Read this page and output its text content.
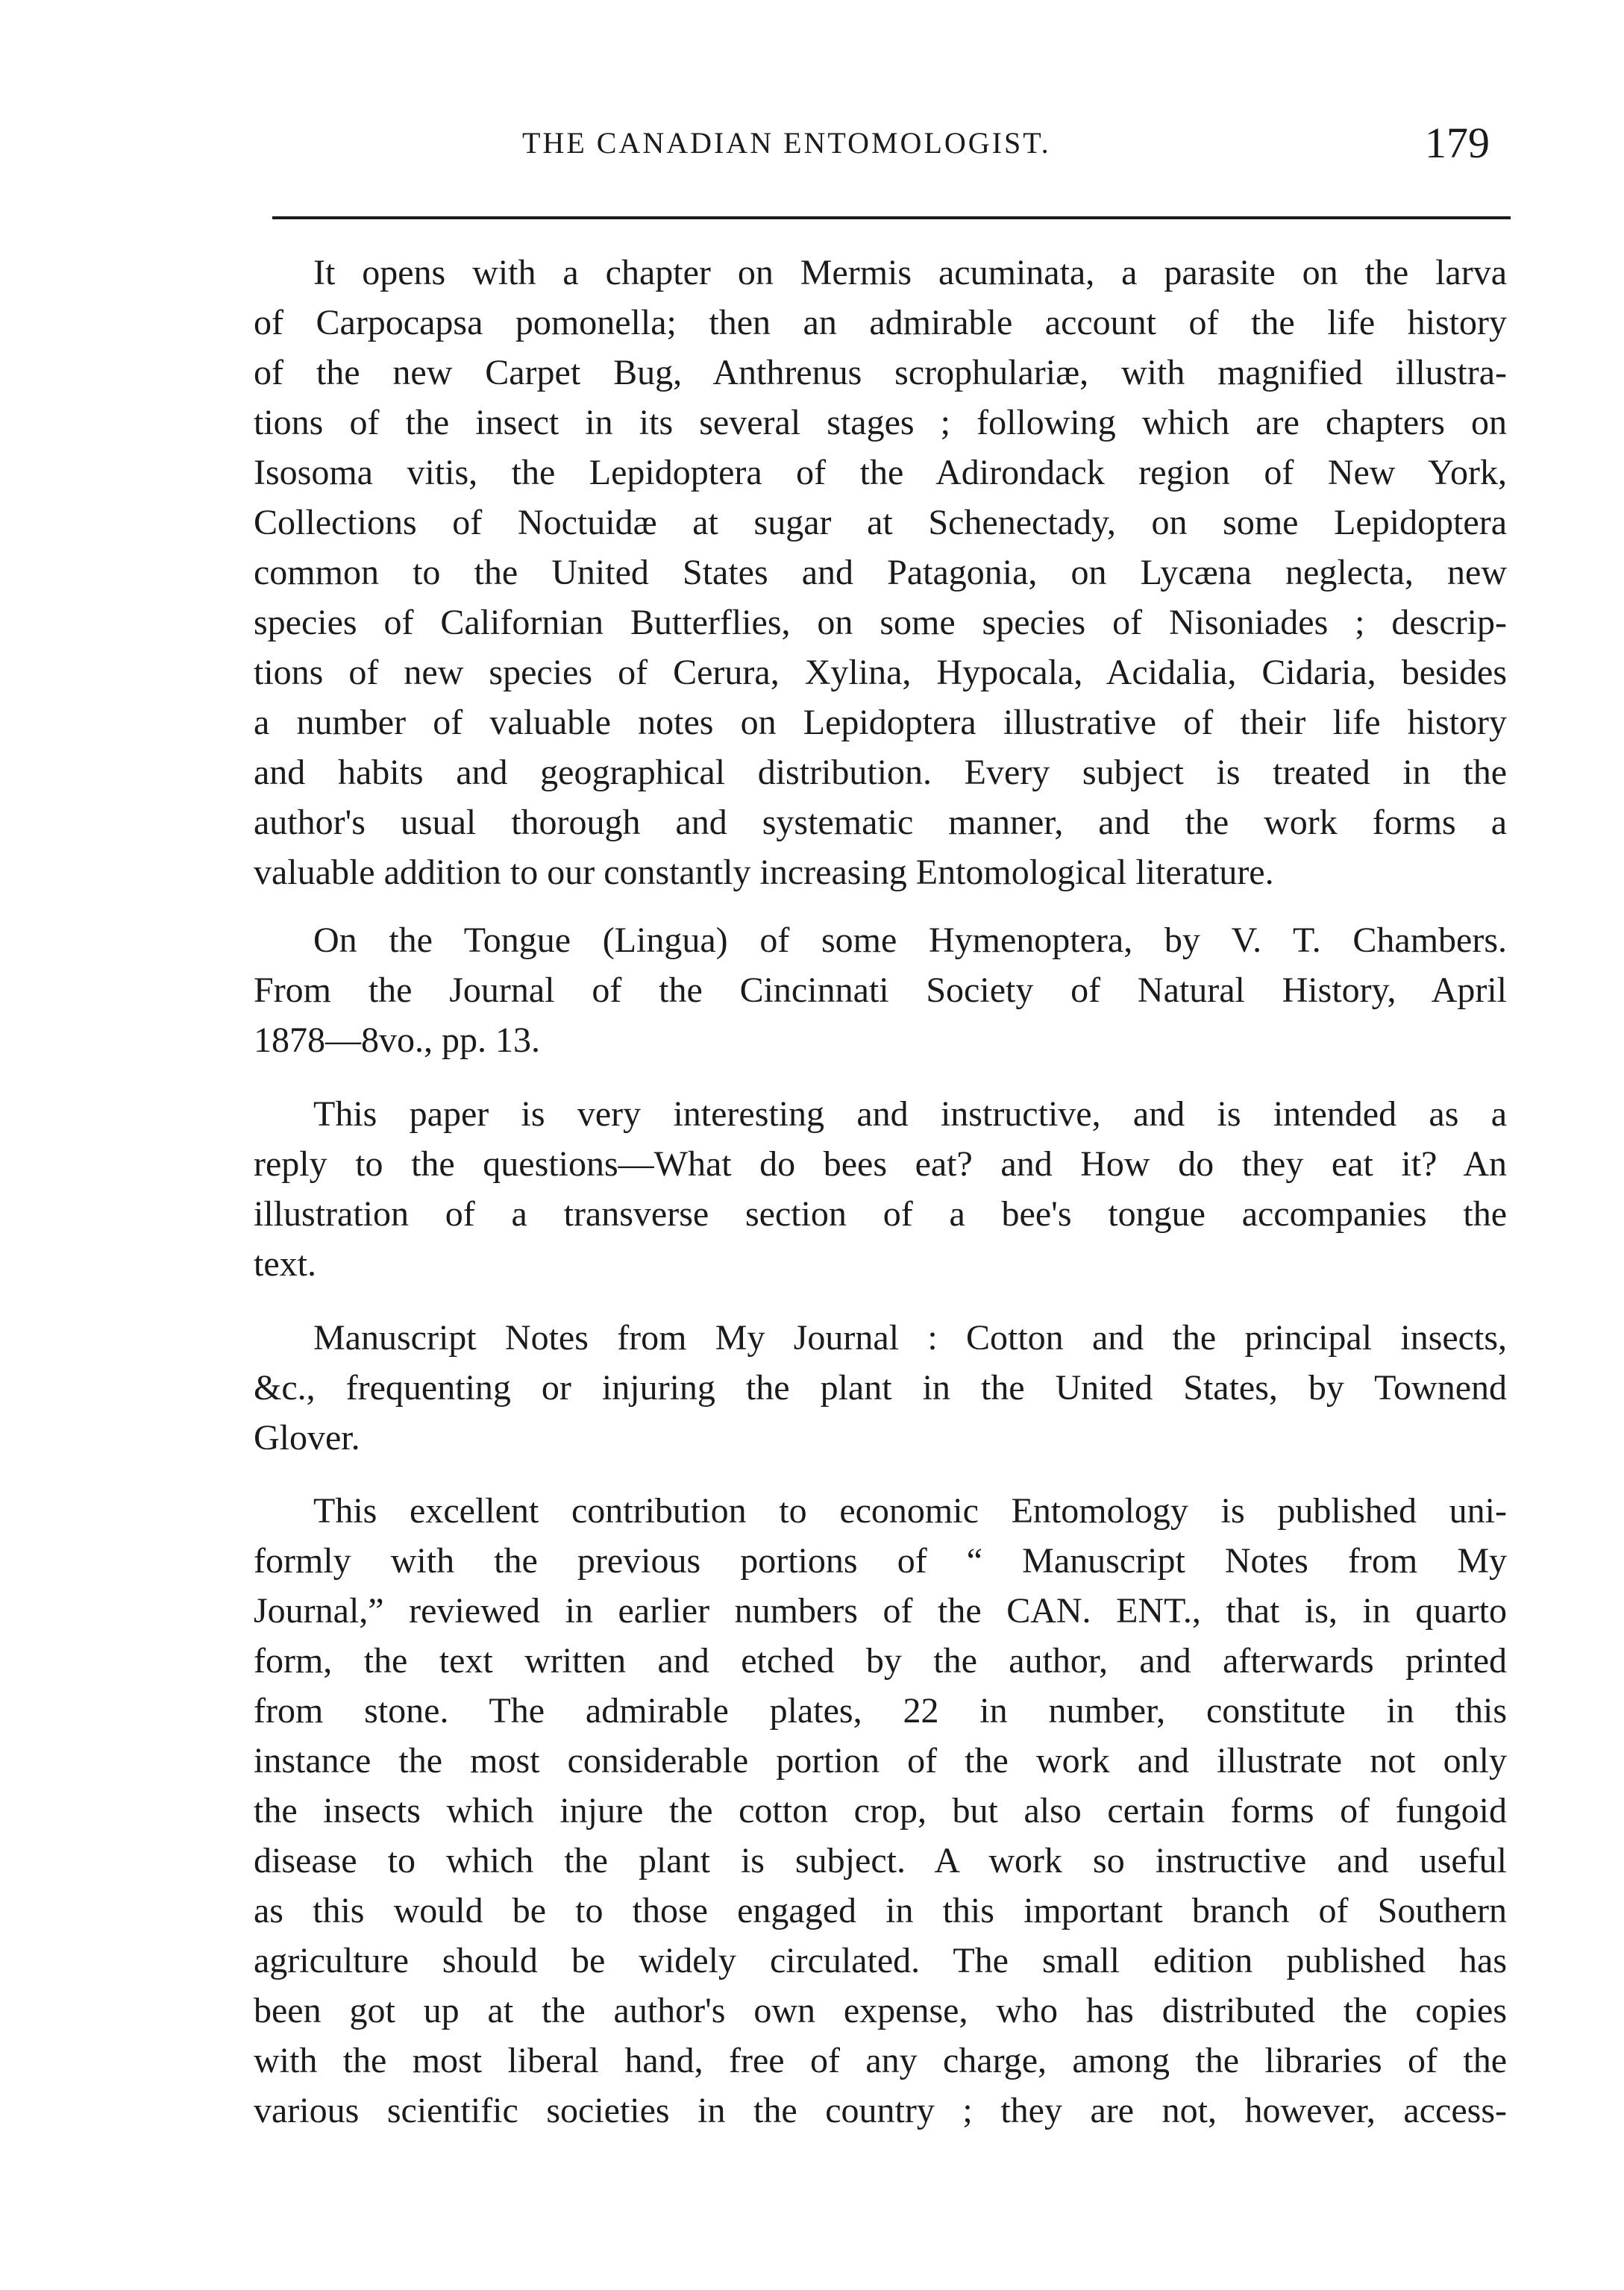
THE CANADIAN ENTOMOLOGIST.	179
It opens with a chapter on Mermis acuminata, a parasite on the larva
of Carpocapsa pomonella; then an admirable account of the life history
of the new Carpet Bug, Anthrenus scrophulariæ, with magnified illustra-
tions of the insect in its several stages ; following which are chapters on
Isosoma vitis, the Lepidoptera of the Adirondack region of New York,
Collections of Noctuidæ at sugar at Schenectady, on some Lepidoptera
common to the United States and Patagonia, on Lycæna neglecta, new
species of Californian Butterflies, on some species of Nisoniades ; descrip-
tions of new species of Cerura, Xylina, Hypocala, Acidalia, Cidaria, besides
a number of valuable notes on Lepidoptera illustrative of their life history
and habits and geographical distribution. Every subject is treated in the
author's usual thorough and systematic manner, and the work forms a
valuable addition to our constantly increasing Entomological literature.
On the Tongue (Lingua) of some Hymenoptera, by V. T. Chambers.
From the Journal of the Cincinnati Society of Natural History, April
1878—8vo., pp. 13.
This paper is very interesting and instructive, and is intended as a
reply to the questions—What do bees eat? and How do they eat it? An
illustration of a transverse section of a bee's tongue accompanies the
text.
Manuscript Notes from My Journal : Cotton and the principal insects,
&c., frequenting or injuring the plant in the United States, by Townend
Glover.
This excellent contribution to economic Entomology is published uni-
formly with the previous portions of “ Manuscript Notes from My
Journal,” reviewed in earlier numbers of the CAN. ENT., that is, in quarto
form, the text written and etched by the author, and afterwards printed
from stone. The admirable plates, 22 in number, constitute in this
instance the most considerable portion of the work and illustrate not only
the insects which injure the cotton crop, but also certain forms of fungoid
disease to which the plant is subject. A work so instructive and useful
as this would be to those engaged in this important branch of Southern
agriculture should be widely circulated. The small edition published has
been got up at the author's own expense, who has distributed the copies
with the most liberal hand, free of any charge, among the libraries of the
various scientific societies in the country ; they are not, however, access-
